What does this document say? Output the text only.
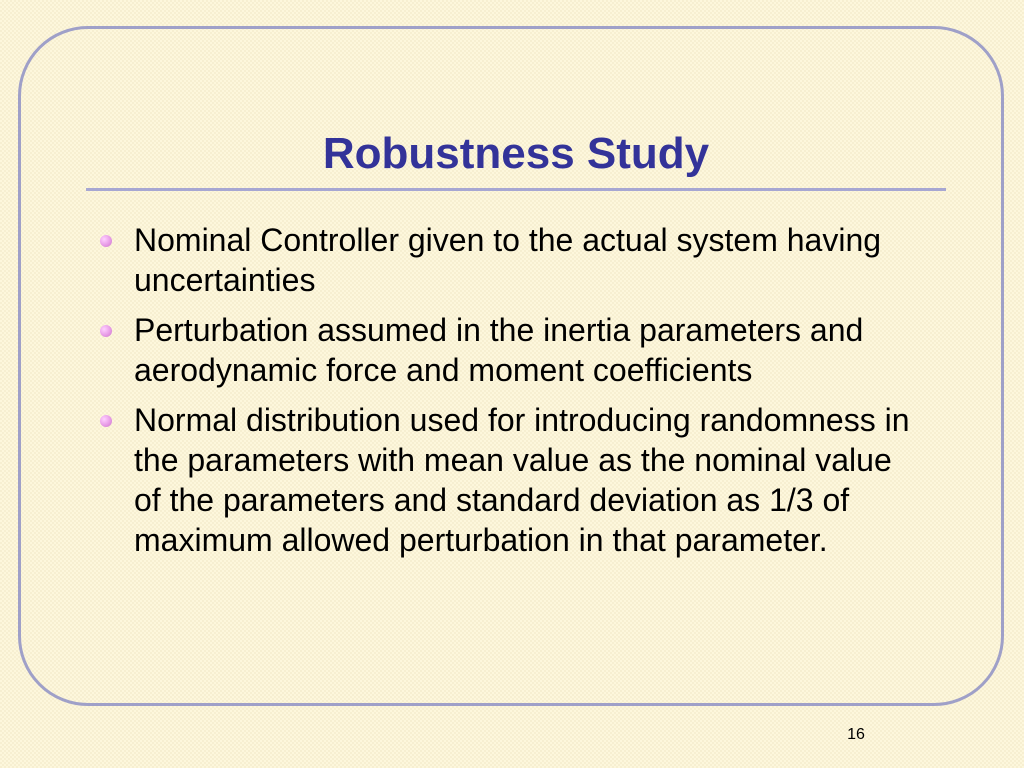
Robustness Study
Nominal Controller given to the actual system having uncertainties
Perturbation assumed in the inertia parameters and aerodynamic force and moment coefficients
Normal distribution used for introducing randomness in the parameters with mean value as the nominal value of the parameters and standard deviation as 1/3 of maximum allowed perturbation in that parameter.
16
